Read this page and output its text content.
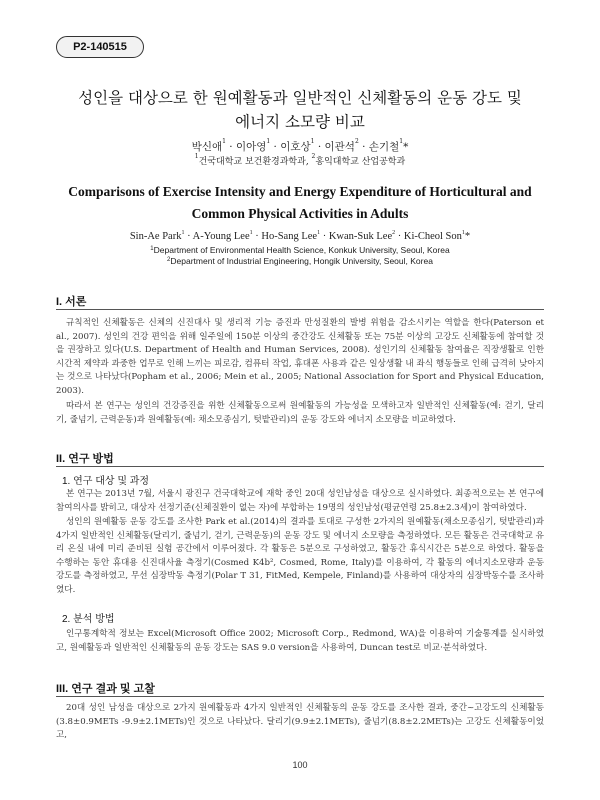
P2-140515
성인을 대상으로 한 원예활동과 일반적인 신체활동의 운동 강도 및
에너지 소모량 비교
박신애$^1$ · 이아영$^1$ · 이호상$^1$ · 이관석$^2$ · 손기철$^1$*
$^1$건국대학교 보건환경과학과, $^2$홍익대학교 산업공학과
Comparisons of Exercise Intensity and Energy Expenditure of Horticultural and
Common Physical Activities in Adults
Sin-Ae Park$^1$ · A-Young Lee$^1$ · Ho-Sang Lee$^1$ · Kwan-Suk Lee$^2$ · Ki-Cheol Son$^1$*
$^1$Department of Environmental Health Science, Konkuk University, Seoul, Korea
$^2$Department of Industrial Engineering, Hongik University, Seoul, Korea
I. 서론

규칙적인 신체활동은 신체의 신진대사 및 생리적 기능 증진과 만성질환의 발병 위험을 감소시키는 역할을 한다(Paterson et al., 2007). 성인의 건강 편익을 위해 일주일에 150분 이상의 중간강도 신체활동 또는 75분 이상의 고강도 신체활동에 참여할 것을 권장하고 있다(U.S. Department of Health and Human Services, 2008). 성인기의 신체활동 참여율은 직장생활로 인한 시간적 제약과 과중한 업무로 인해 느끼는 피로감, 컴퓨터 작업, 휴대폰 사용과 같은 일상생활 내 좌식 행동들로 인해 급격히 낮아지는 것으로 나타났다(Popham et al., 2006; Mein et al., 2005; National Association for Sport and Physical Education, 2003).

따라서 본 연구는 성인의 건강증진을 위한 신체활동으로써 원예활동의 가능성을 모색하고자 일반적인 신체활동(예: 걷기, 달리기, 줄넘기, 근력운동)과 원예활동(예: 채소모종심기, 텃밭관리)의 운동 강도와 에너지 소모량을 비교하였다.

II. 연구 방법
1. 연구 대상 및 과정

본 연구는 2013년 7월, 서울시 광진구 건국대학교에 재학 중인 20대 성인남성을 대상으로 실시하였다. 최종적으로는 본 연구에 참여의사를 밝히고, 대상자 선정기준(신체질환이 없는 자)에 부합하는 19명의 성인남성(평균연령 25.8±2.3세)이 참여하였다.

성인의 원예활동 운동 강도를 조사한 Park et al.(2014)의 결과를 토대로 구성한 2가지의 원예활동(채소모종심기, 텃밭관리)과 4가지 일반적인 신체활동(달리기, 줄넘기, 걷기, 근력운동)의 운동 강도 및 에너지 소모량을 측정하였다. 모든 활동은 건국대학교 유리 온실 내에 미리 준비된 실험 공간에서 이루어졌다. 각 활동은 5분으로 구성하였고, 활동간 휴식시간은 5분으로 하였다. 활동을 수행하는 동안 휴대용 신진대사율 측정기(Cosmed K4b², Cosmed, Rome, Italy)를 이용하여, 각 활동의 에너지소모량과 운동 강도를 측정하였고, 무선 심장박동 측정기(Polar T 31, FitMed, Kempele, Finland)를 사용하여 대상자의 심장박동수를 조사하였다.

2. 분석 방법

인구통계학적 정보는 Excel(Microsoft Office 2002; Microsoft Corp., Redmond, WA)을 이용하여 기술통계를 실시하였고, 원예활동과 일반적인 신체활동의 운동 강도는 SAS 9.0 version을 사용하여, Duncan test로 비교·분석하였다.

III. 연구 결과 및 고찰

20대 성인 남성을 대상으로 2가지 원예활동과 4가지 일반적인 신체활동의 운동 강도를 조사한 결과, 중간~고강도의 신체활동(3.8±0.9METs -9.9±2.1METs)인 것으로 나타났다. 달리기(9.9±2.1METs), 줄넘기(8.8±2.2METs)는 고강도 신체활동이었고,

100
